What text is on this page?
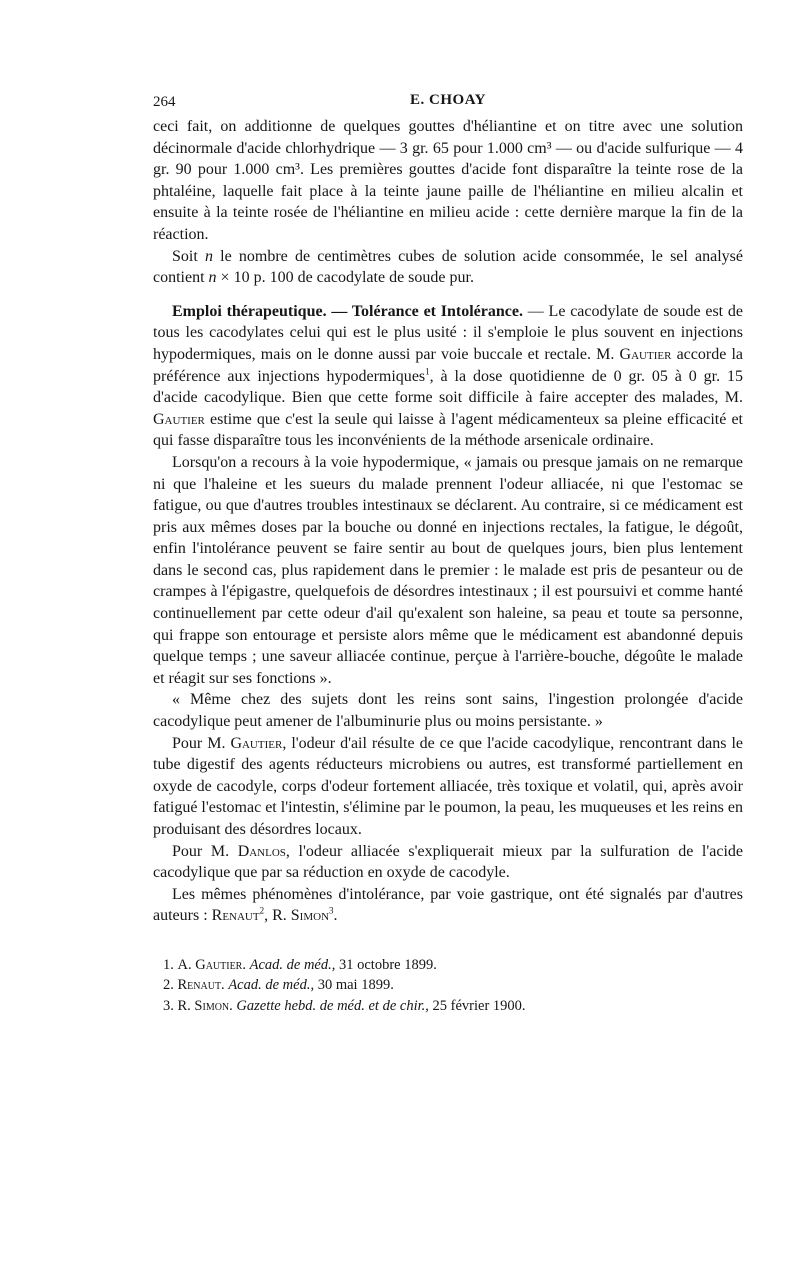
264	E. CHOAY

ceci fait, on additionne de quelques gouttes d'héliantine et on titre avec une solution décinormale d'acide chlorhydrique — 3 gr. 65 pour 1.000 cm³ — ou d'acide sulfurique — 4 gr. 90 pour 1.000 cm³. Les premières gouttes d'acide font disparaître la teinte rose de la phtaléine, laquelle fait place à la teinte jaune paille de l'héliantine en milieu alcalin et ensuite à la teinte rosée de l'héliantine en milieu acide : cette dernière marque la fin de la réaction.

Soit n le nombre de centimètres cubes de solution acide consommée, le sel analysé contient n × 10 p. 100 de cacodylate de soude pur.

Emploi thérapeutique. — Tolérance et Intolérance. — Le cacodylate de soude est de tous les cacodylates celui qui est le plus usité : il s'emploie le plus souvent en injections hypodermiques, mais on le donne aussi par voie buccale et rectale. M. Gautier accorde la préférence aux injections hypodermiques$^1$, à la dose quotidienne de 0 gr. 05 à 0 gr. 15 d'acide cacodylique. Bien que cette forme soit difficile à faire accepter des malades, M. Gautier estime que c'est la seule qui laisse à l'agent médicamenteux sa pleine efficacité et qui fasse disparaître tous les inconvénients de la méthode arsenicale ordinaire.

Lorsqu'on a recours à la voie hypodermique, « jamais ou presque jamais on ne remarque ni que l'haleine et les sueurs du malade prennent l'odeur alliacée, ni que l'estomac se fatigue, ou que d'autres troubles intestinaux se déclarent. Au contraire, si ce médicament est pris aux mêmes doses par la bouche ou donné en injections rectales, la fatigue, le dégoût, enfin l'intolérance peuvent se faire sentir au bout de quelques jours, bien plus lentement dans le second cas, plus rapidement dans le premier : le malade est pris de pesanteur ou de crampes à l'épigastre, quelquefois de désordres intestinaux ; il est poursuivi et comme hanté continuellement par cette odeur d'ail qu'exalent son haleine, sa peau et toute sa personne, qui frappe son entourage et persiste alors même que le médicament est abandonné depuis quelque temps ; une saveur alliacée continue, perçue à l'arrière-bouche, dégoûte le malade et réagit sur ses fonctions ».

« Même chez des sujets dont les reins sont sains, l'ingestion prolongée d'acide cacodylique peut amener de l'albuminurie plus ou moins persistante. »

Pour M. Gautier, l'odeur d'ail résulte de ce que l'acide cacodylique, rencontrant dans le tube digestif des agents réducteurs microbiens ou autres, est transformé partiellement en oxyde de cacodyle, corps d'odeur fortement alliacée, très toxique et volatil, qui, après avoir fatigué l'estomac et l'intestin, s'élimine par le poumon, la peau, les muqueuses et les reins en produisant des désordres locaux.

Pour M. Danlos, l'odeur alliacée s'expliquerait mieux par la sulfuration de l'acide cacodylique que par sa réduction en oxyde de cacodyle.

Les mêmes phénomènes d'intolérance, par voie gastrique, ont été signalés par d'autres auteurs : Renaut$^2$, R. Simon$^3$.

1. A. Gautier. Acad. de méd., 31 octobre 1899.

2. Renaut. Acad. de méd., 30 mai 1899.

3. R. Simon. Gazette hebd. de méd. et de chir., 25 février 1900.
